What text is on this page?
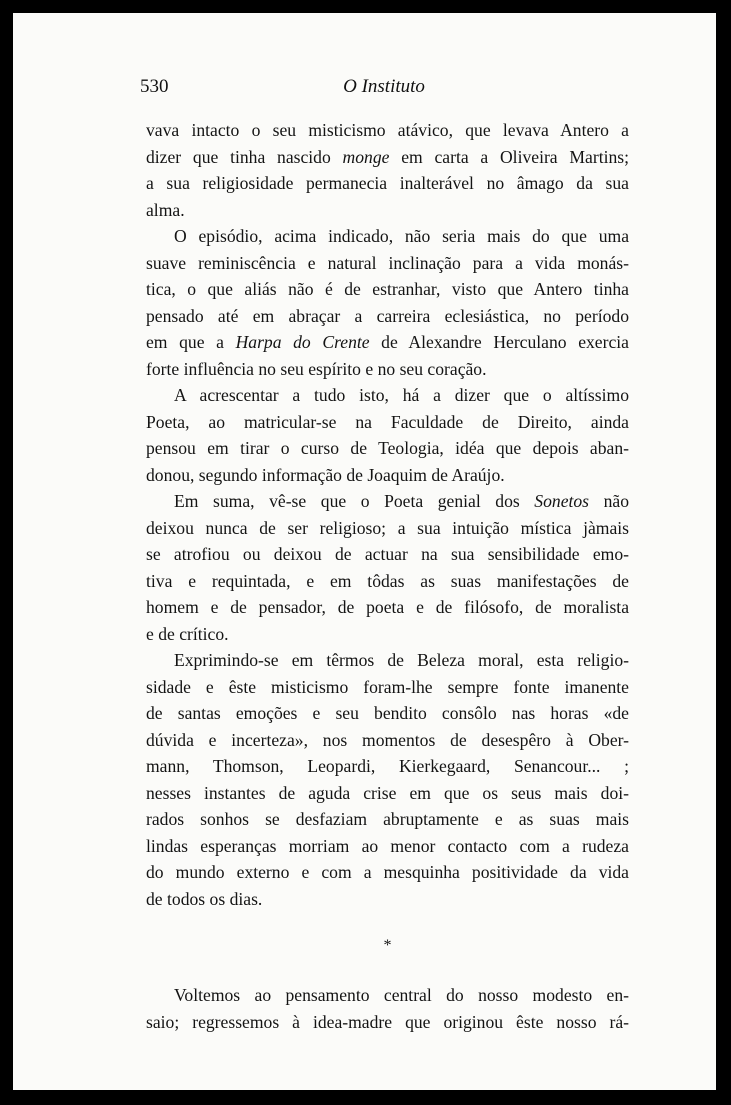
530	O Instituto
vava intacto o seu misticismo atávico, que levava Antero a
dizer que tinha nascido monge em carta a Oliveira Martins;
a sua religiosidade permanecia inalterável no âmago da sua
alma.
O episódio, acima indicado, não seria mais do que uma
suave reminiscência e natural inclinação para a vida monás-
tica, o que aliás não é de estranhar, visto que Antero tinha
pensado até em abraçar a carreira eclesiástica, no período
em que a Harpa do Crente de Alexandre Herculano exercia
forte influência no seu espírito e no seu coração.
A acrescentar a tudo isto, há a dizer que o altíssimo
Poeta, ao matricular-se na Faculdade de Direito, ainda
pensou em tirar o curso de Teologia, idéa que depois aban-
donou, segundo informação de Joaquim de Araújo.
Em suma, vê-se que o Poeta genial dos Sonetos não
deixou nunca de ser religioso; a sua intuição mística jàmais
se atrofiou ou deixou de actuar na sua sensibilidade emo-
tiva e requintada, e em tôdas as suas manifestações de
homem e de pensador, de poeta e de filósofo, de moralista
e de crítico.
Exprimindo-se em têrmos de Beleza moral, esta religio-
sidade e êste misticismo foram-lhe sempre fonte imanente
de santas emoções e seu bendito consôlo nas horas «de
dúvida e incerteza», nos momentos de desespêro à Ober-
mann, Thomson, Leopardi, Kierkegaard, Senancour... ;
nesses instantes de aguda crise em que os seus mais doi-
rados sonhos se desfaziam abruptamente e as suas mais
lindas esperanças morriam ao menor contacto com a rudeza
do mundo externo e com a mesquinha positividade da vida
de todos os dias.
*
Voltemos ao pensamento central do nosso modesto en-
saio; regressemos à idea-madre que originou êste nosso rá-
